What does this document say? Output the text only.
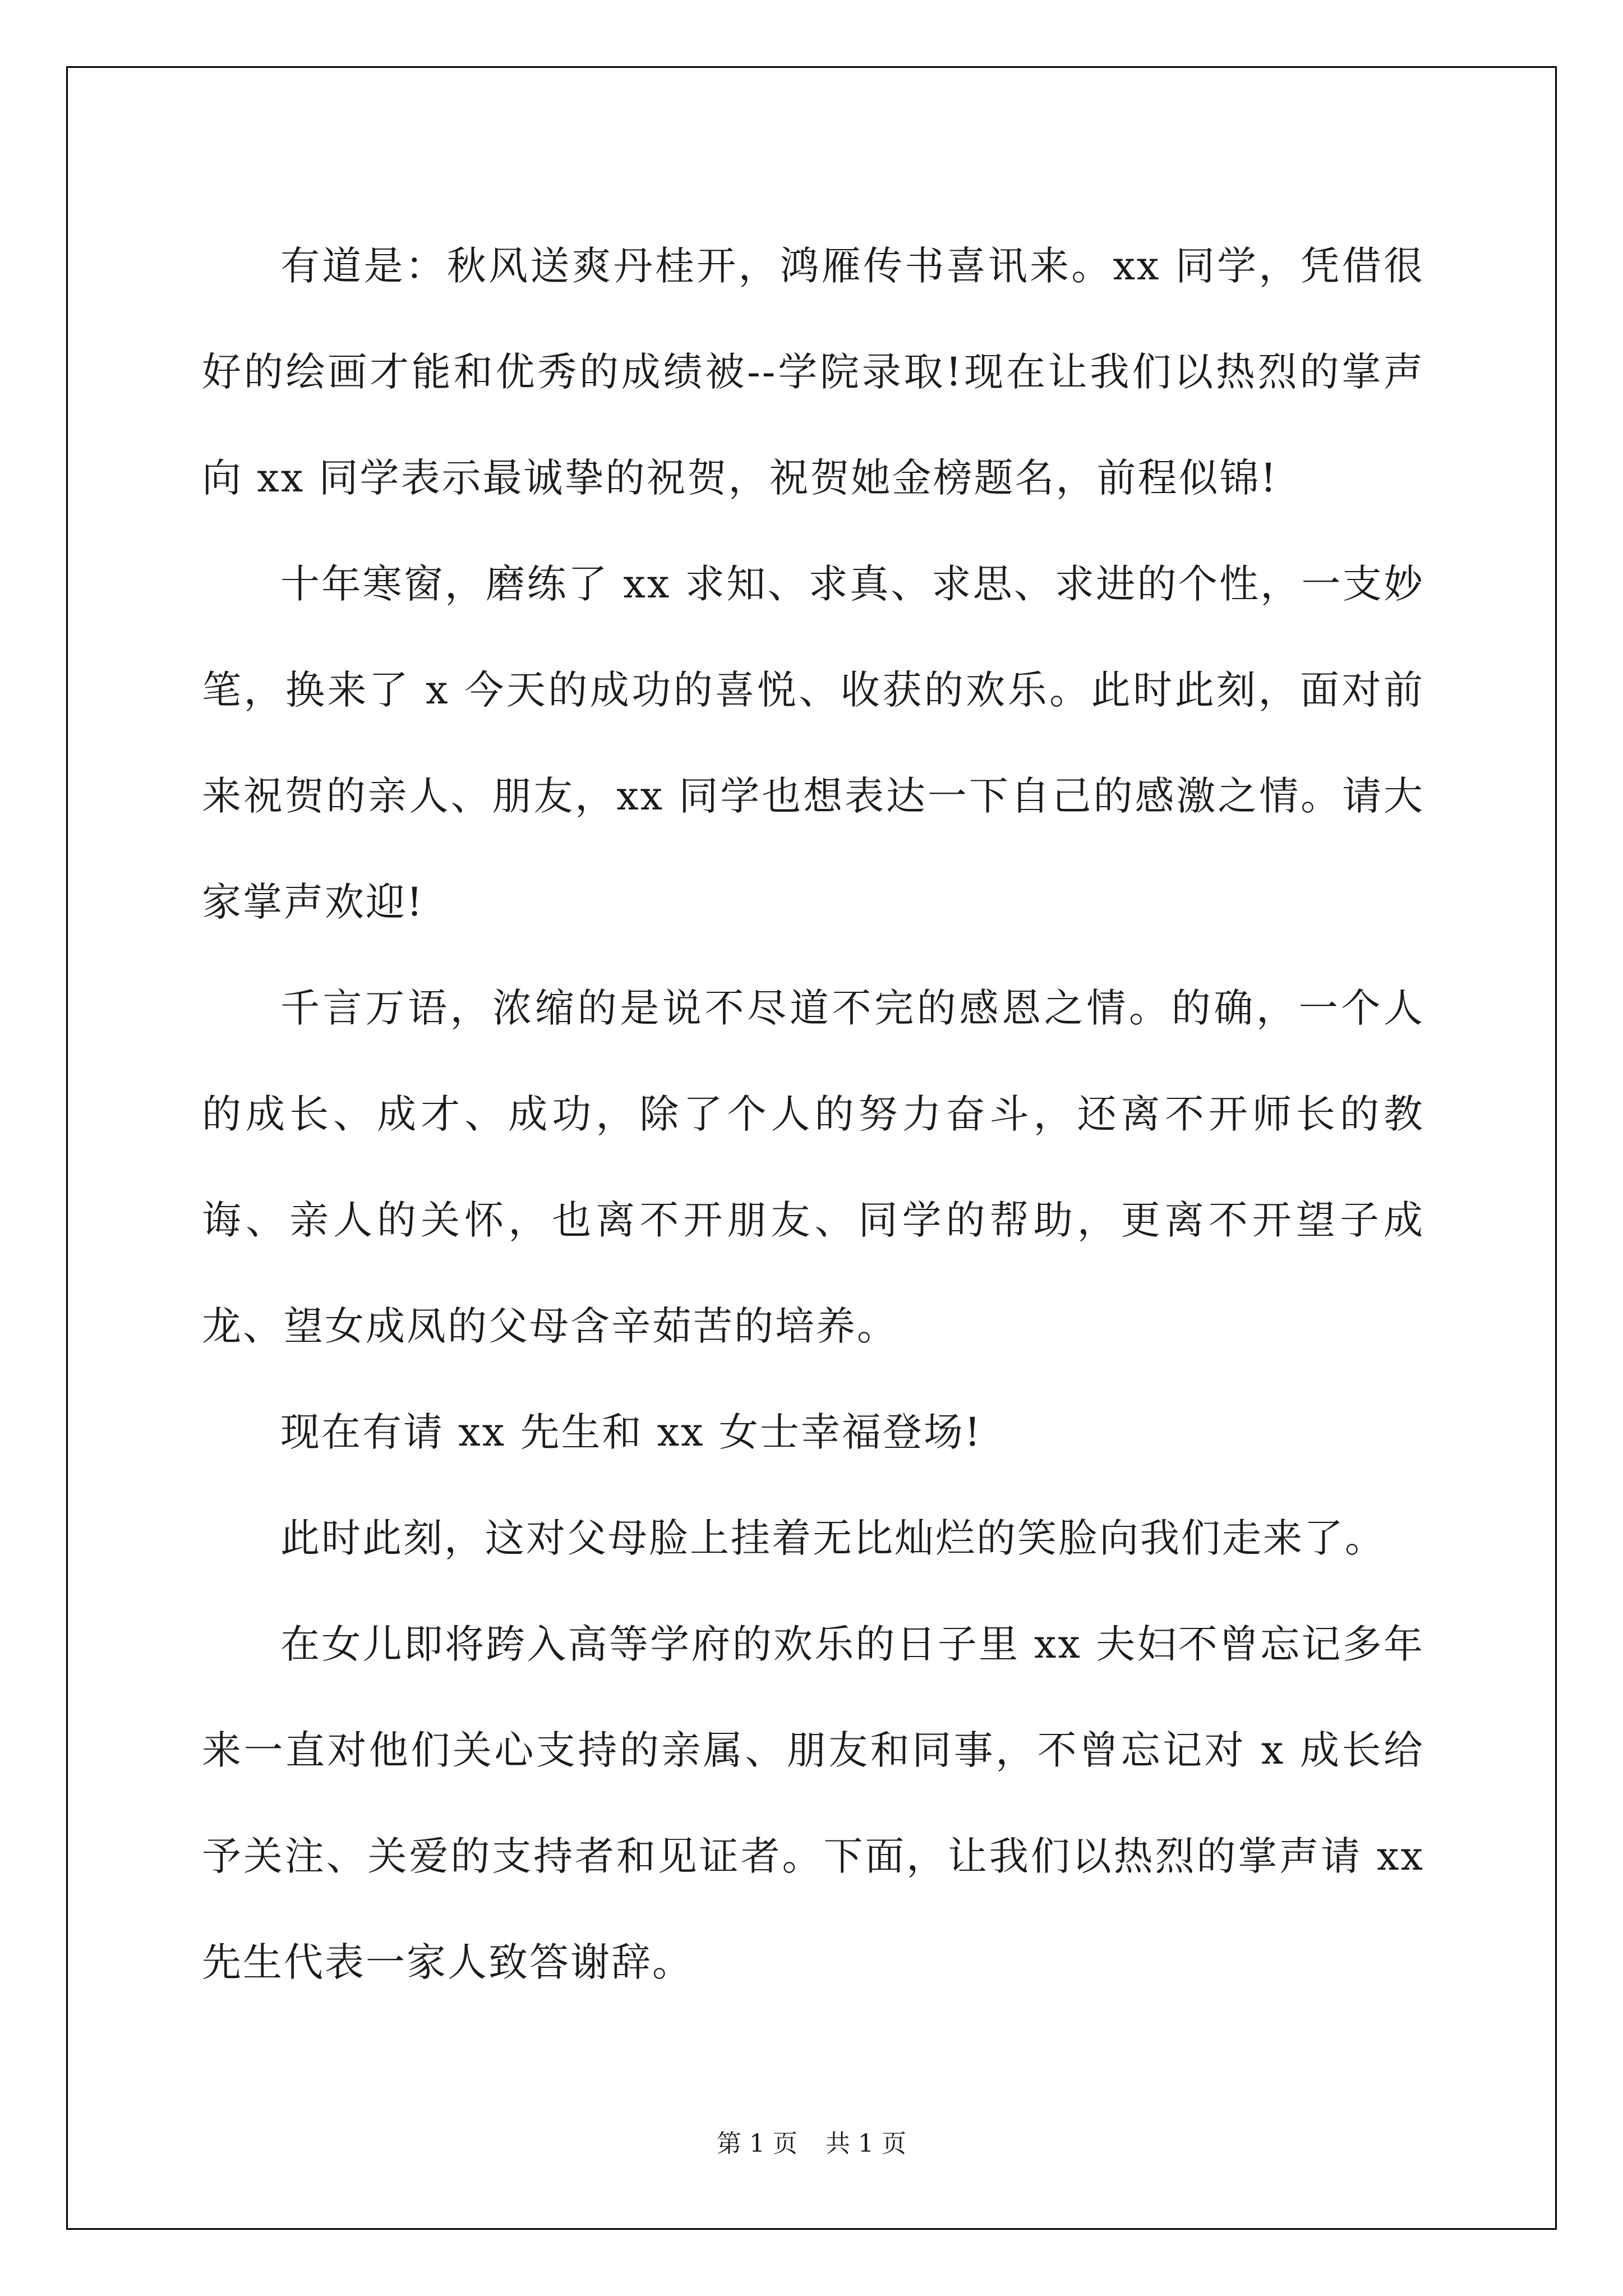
有道是：秋风送爽丹桂开，鸿雁传书喜讯来。xx 同学，凭借很好的绘画才能和优秀的成绩被--学院录取!现在让我们以热烈的掌声向 xx 同学表示最诚挚的祝贺，祝贺她金榜题名，前程似锦!

十年寒窗，磨练了 xx 求知、求真、求思、求进的个性，一支妙笔，换来了 x 今天的成功的喜悦、收获的欢乐。此时此刻，面对前来祝贺的亲人、朋友，xx 同学也想表达一下自己的感激之情。请大家掌声欢迎!

千言万语，浓缩的是说不尽道不完的感恩之情。的确，一个人的成长、成才、成功，除了个人的努力奋斗，还离不开师长的教诲、亲人的关怀，也离不开朋友、同学的帮助，更离不开望子成龙、望女成凤的父母含辛茹苦的培养。

现在有请 xx 先生和 xx 女士幸福登场!

此时此刻，这对父母脸上挂着无比灿烂的笑脸向我们走来了。

在女儿即将跨入高等学府的欢乐的日子里 xx 夫妇不曾忘记多年来一直对他们关心支持的亲属、朋友和同事，不曾忘记对 x 成长给予关注、关爱的支持者和见证者。下面，让我们以热烈的掌声请 xx 先生代表一家人致答谢辞。

第 1 页 共 1 页
